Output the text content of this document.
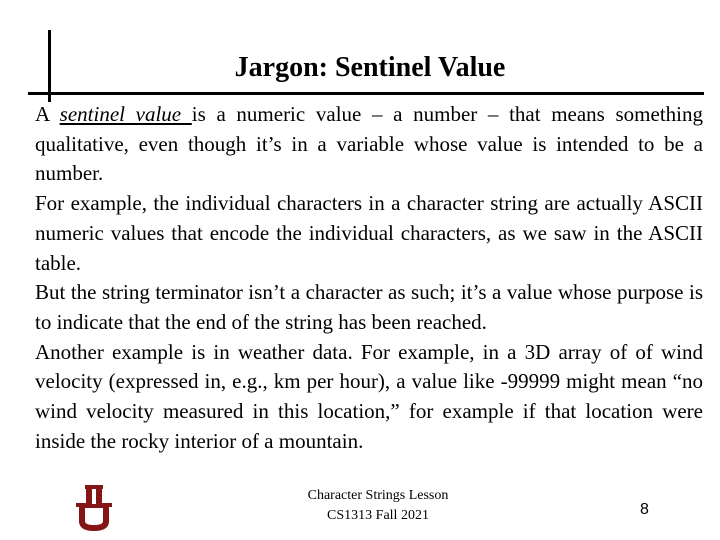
Jargon: Sentinel Value

A sentinel value is a numeric value – a number – that means something qualitative, even though it’s in a variable whose value is intended to be a number.

For example, the individual characters in a character string are actually ASCII numeric values that encode the individual characters, as we saw in the ASCII table.

But the string terminator isn’t a character as such; it’s a value whose purpose is to indicate that the end of the string has been reached.

Another example is in weather data. For example, in a 3D array of of wind velocity (expressed in, e.g., km per hour), a value like -99999 might mean “no wind velocity measured in this location,” for example if that location were inside the rocky interior of a mountain.

Character Strings Lesson
CS1313 Fall 2021	8
